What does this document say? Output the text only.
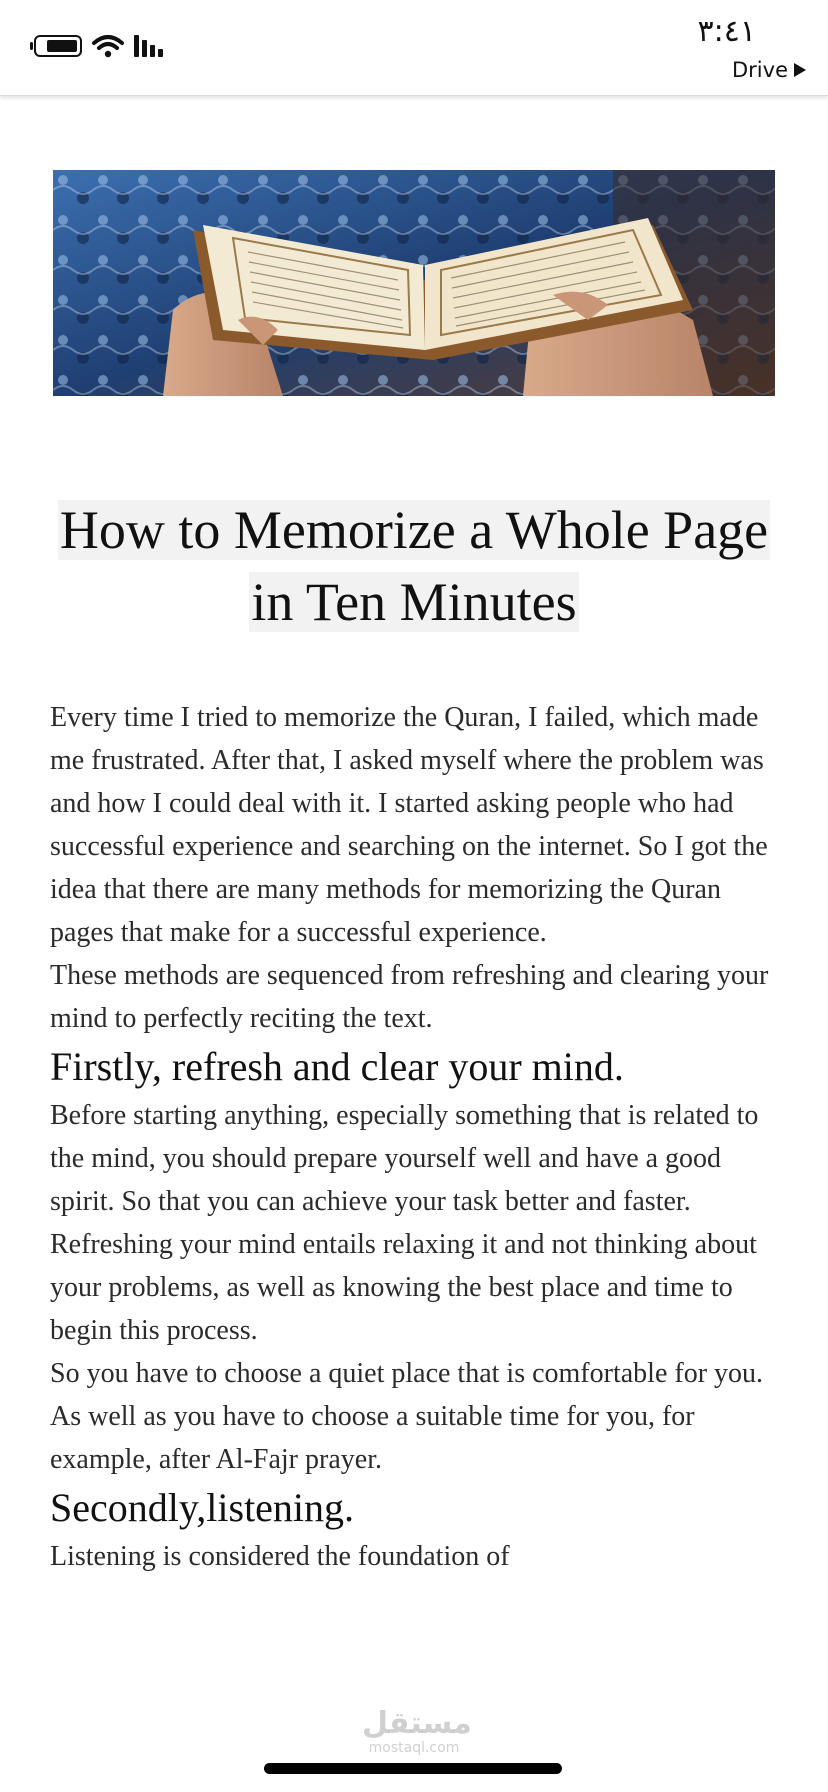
٣:٤١
Drive
How to Memorize a Whole Page in Ten Minutes

Every time I tried to memorize the Quran, I failed, which made me frustrated. After that, I asked myself where the problem was and how I could deal with it. I started asking people who had successful experience and searching on the internet. So I got the idea that there are many methods for memorizing the Quran pages that make for a successful experience.

These methods are sequenced from refreshing and clearing your mind to perfectly reciting the text.

Firstly, refresh and clear your mind.

Before starting anything, especially something that is related to the mind, you should prepare yourself well and have a good spirit. So that you can achieve your task better and faster.

Refreshing your mind entails relaxing it and not thinking about your problems, as well as knowing the best place and time to begin this process.

So you have to choose a quiet place that is comfortable for you. As well as you have to choose a suitable time for you, for example, after Al-Fajr prayer.

Secondly,listening.

Listening is considered the foundation of

مستقل
mostaql.com
